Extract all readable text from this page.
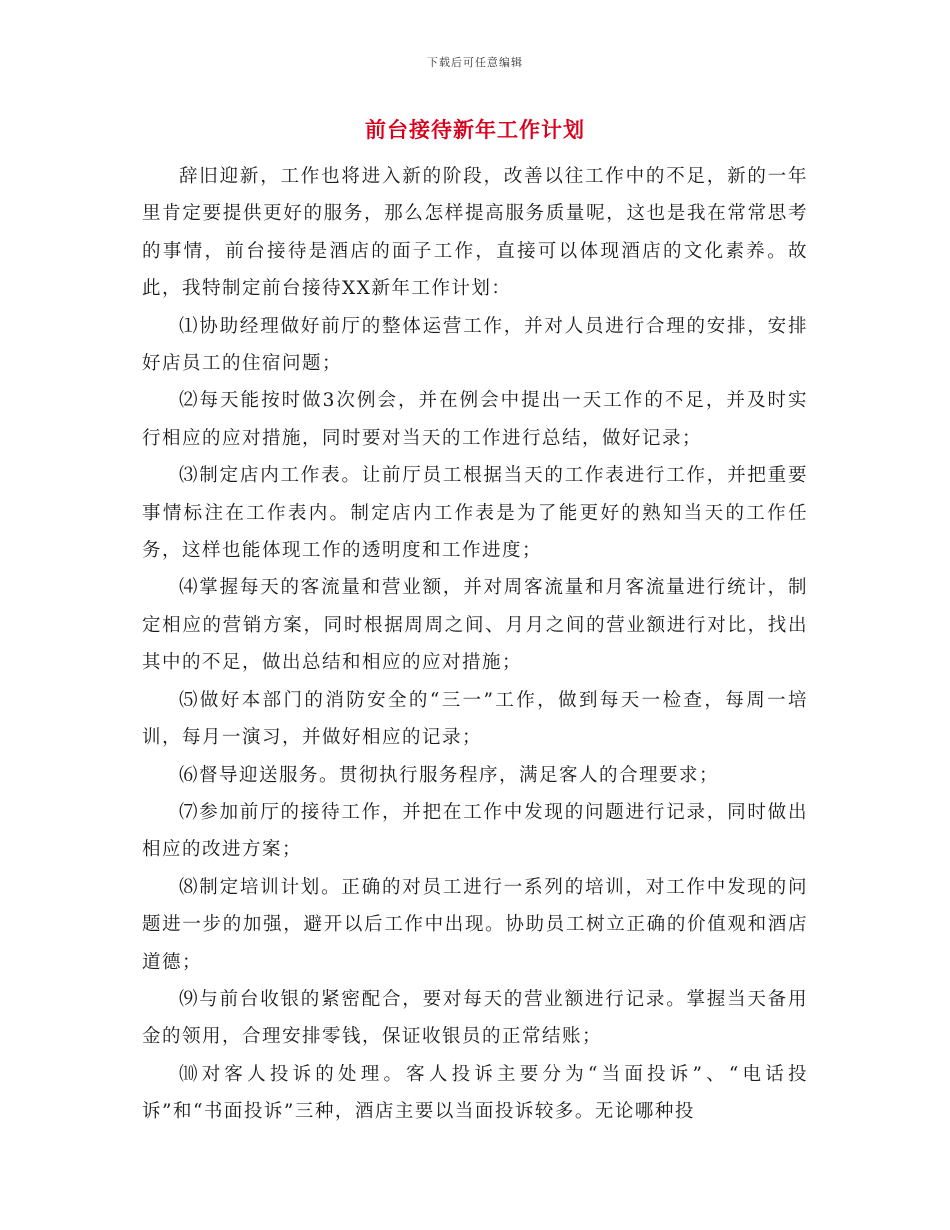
下载后可任意编辑
前台接待新年工作计划

辞旧迎新，工作也将进入新的阶段，改善以往工作中的不足，新的一年里肯定要提供更好的服务，那么怎样提高服务质量呢，这也是我在常常思考的事情，前台接待是酒店的面子工作，直接可以体现酒店的文化素养。故此，我特制定前台接待XX新年工作计划：

⑴协助经理做好前厅的整体运营工作，并对人员进行合理的安排，安排好店员工的住宿问题；

⑵每天能按时做3次例会，并在例会中提出一天工作的不足，并及时实行相应的应对措施，同时要对当天的工作进行总结，做好记录；

⑶制定店内工作表。让前厅员工根据当天的工作表进行工作，并把重要事情标注在工作表内。制定店内工作表是为了能更好的熟知当天的工作任务，这样也能体现工作的透明度和工作进度；

⑷掌握每天的客流量和营业额，并对周客流量和月客流量进行统计，制定相应的营销方案，同时根据周周之间、月月之间的营业额进行对比，找出其中的不足，做出总结和相应的应对措施；

⑸做好本部门的消防安全的“三一”工作，做到每天一检查，每周一培训，每月一演习，并做好相应的记录；

⑹督导迎送服务。贯彻执行服务程序，满足客人的合理要求；

⑺参加前厅的接待工作，并把在工作中发现的问题进行记录，同时做出相应的改进方案；

⑻制定培训计划。正确的对员工进行一系列的培训，对工作中发现的问题进一步的加强，避开以后工作中出现。协助员工树立正确的价值观和酒店道德；

⑼与前台收银的紧密配合，要对每天的营业额进行记录。掌握当天备用金的领用，合理安排零钱，保证收银员的正常结账；

⑽对客人投诉的处理。客人投诉主要分为“当面投诉”、“电话投诉”和“书面投诉”三种，酒店主要以当面投诉较多。无论哪种投
